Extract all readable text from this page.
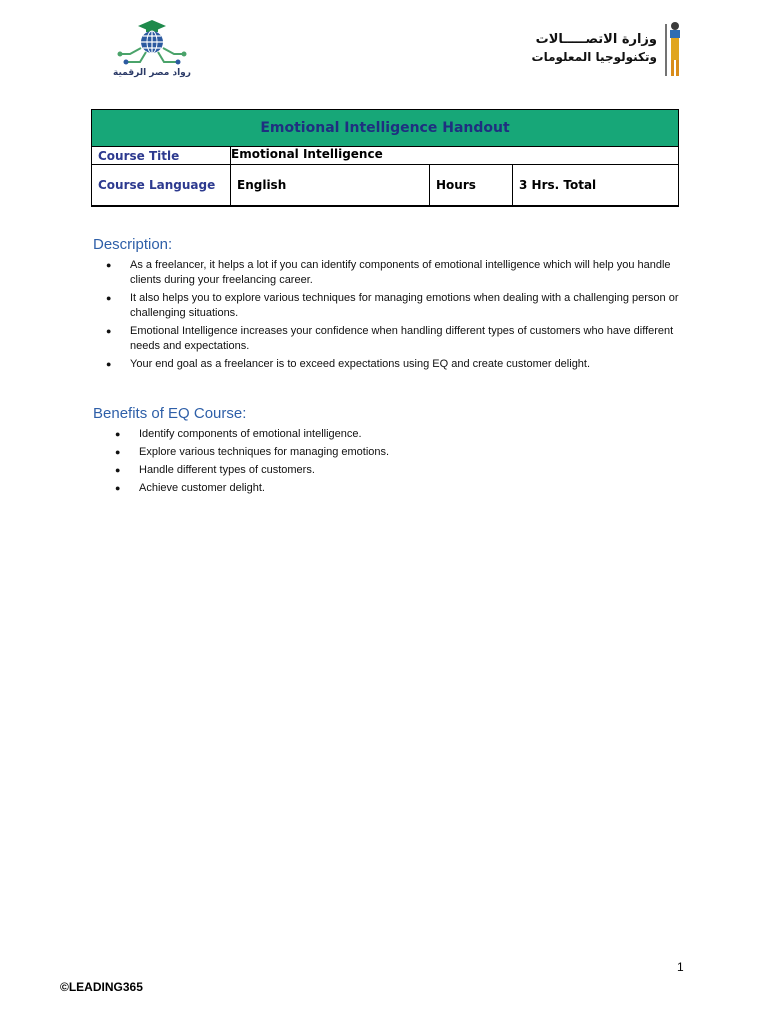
رواد مصر الرقمية
وزارة الاتصـــــالات
وتكنولوجيا المعلومات
Emotional Intelligence Handout			
Course Title	Emotional Intelligence		
Course Language	English	Hours	3 Hrs. Total
Description:
● As a freelancer, it helps a lot if you can identify components of emotional intelligence which will help you handle clients during your freelancing career.
● It also helps you to explore various techniques for managing emotions when dealing with a challenging person or challenging situations.
● Emotional Intelligence increases your confidence when handling different types of customers who have different needs and expectations.
● Your end goal as a freelancer is to exceed expectations using EQ and create customer delight.
Benefits of EQ Course:
● Identify components of emotional intelligence.
● Explore various techniques for managing emotions.
● Handle different types of customers.
● Achieve customer delight.
1
©LEADING365
